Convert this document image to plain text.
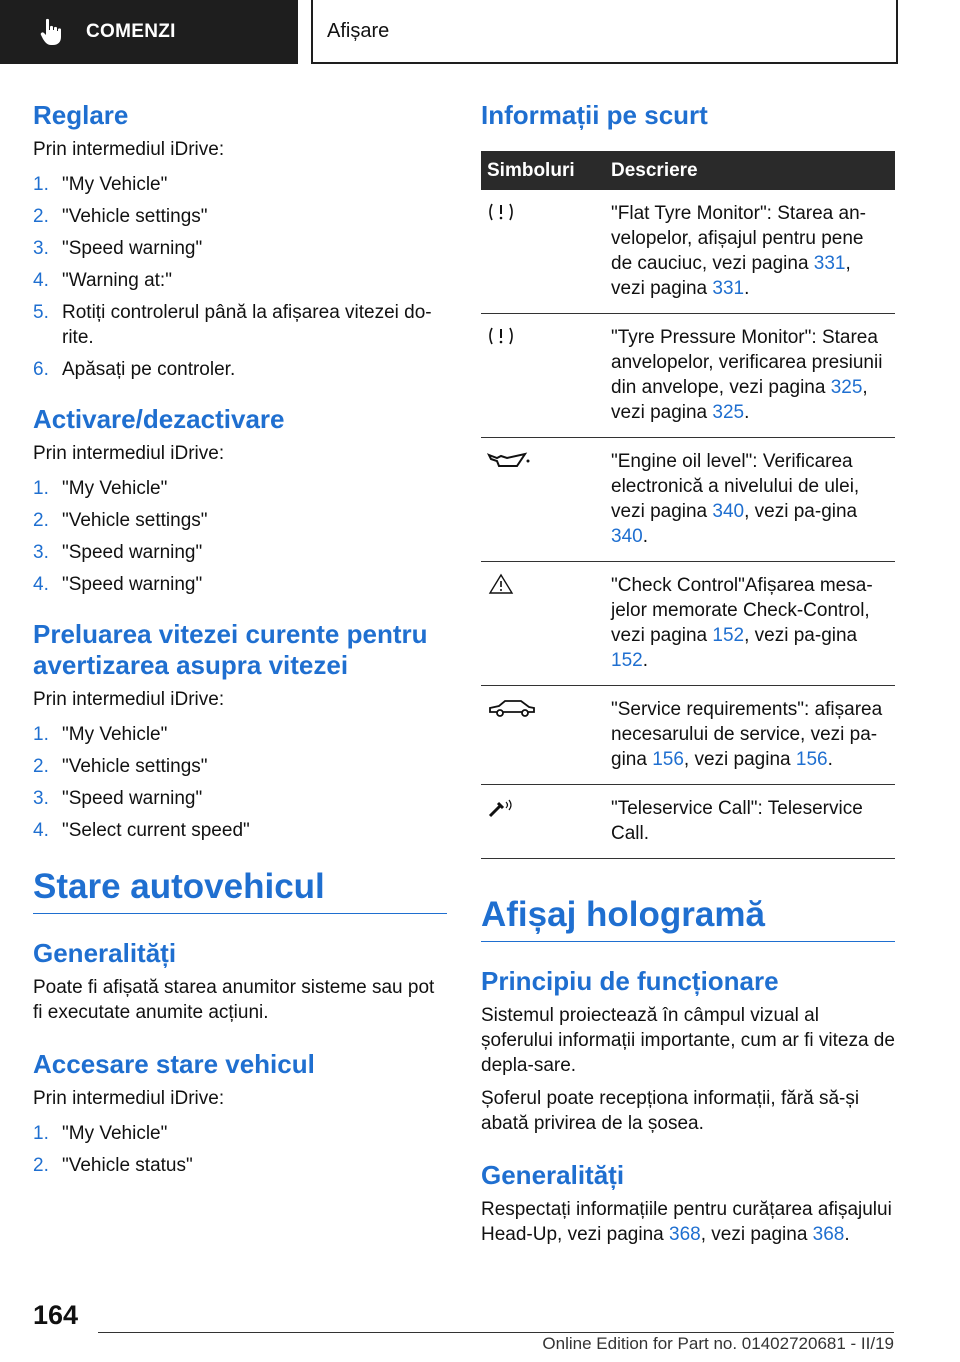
COMENZI	Afișare
Reglare

Prin intermediul iDrive:

1. "My Vehicle"
2. "Vehicle settings"
3. "Speed warning"
4. "Warning at:"
5. Rotiți controlerul până la afișarea vitezei do-rite.
6. Apăsați pe controler.
Activare/dezactivare

Prin intermediul iDrive:

1. "My Vehicle"
2. "Vehicle settings"
3. "Speed warning"
4. "Speed warning"
Preluarea vitezei curente pentru avertizarea asupra vitezei

Prin intermediul iDrive:

1. "My Vehicle"
2. "Vehicle settings"
3. "Speed warning"
4. "Select current speed"
Stare autovehicul
Generalități

Poate fi afișată starea anumitor sisteme sau pot fi executate anumite acțiuni.

Accesare stare vehicul

Prin intermediul iDrive:

1. "My Vehicle"
2. "Vehicle status"
Informații pe scurt
Simboluri	Descriere
	"Flat Tyre Monitor": Starea an-velopelor, afișajul pentru pene de cauciuc, vezi pagina 331, vezi pagina 331.
	"Tyre Pressure Monitor": Starea anvelopelor, verificarea presiunii din anvelope, vezi pagina 325, vezi pagina 325.
	"Engine oil level": Verificarea electronică a nivelului de ulei, vezi pagina 340, vezi pa-gina 340.
	"Check Control"Afișarea mesa-jelor memorate Check-Control, vezi pagina 152, vezi pa-gina 152.
	"Service requirements": afișarea necesarului de service, vezi pa-gina 156, vezi pagina 156.
	"Teleservice Call": Teleservice Call.
Afișaj hologramă
Principiu de funcționare

Sistemul proiectează în câmpul vizual al șoferului informații importante, cum ar fi viteza de depla-sare.

Șoferul poate recepționa informații, fără să-și abată privirea de la șosea.

Generalități

Respectați informațiile pentru curățarea afișajului Head-Up, vezi pagina 368, vezi pagina 368.

164
Online Edition for Part no. 01402720681 - II/19
